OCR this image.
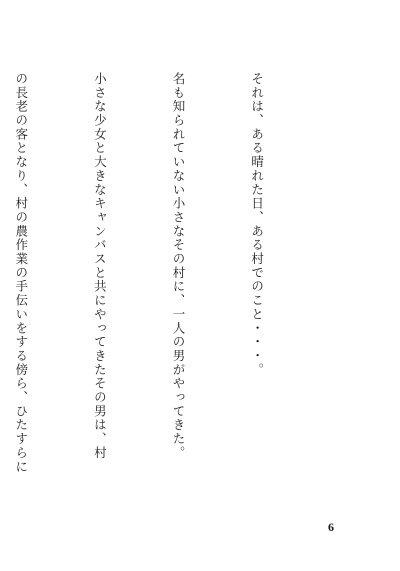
それは、ある晴れた日、ある村でのこと・・・。

名も知られていない小さなその村に、一人の男がやってきた。

小さな少女と大きなキャンバスと共にやってきたその男は、村

の長老の客となり、村の農作業の手伝いをする傍ら、ひたすらに

6
